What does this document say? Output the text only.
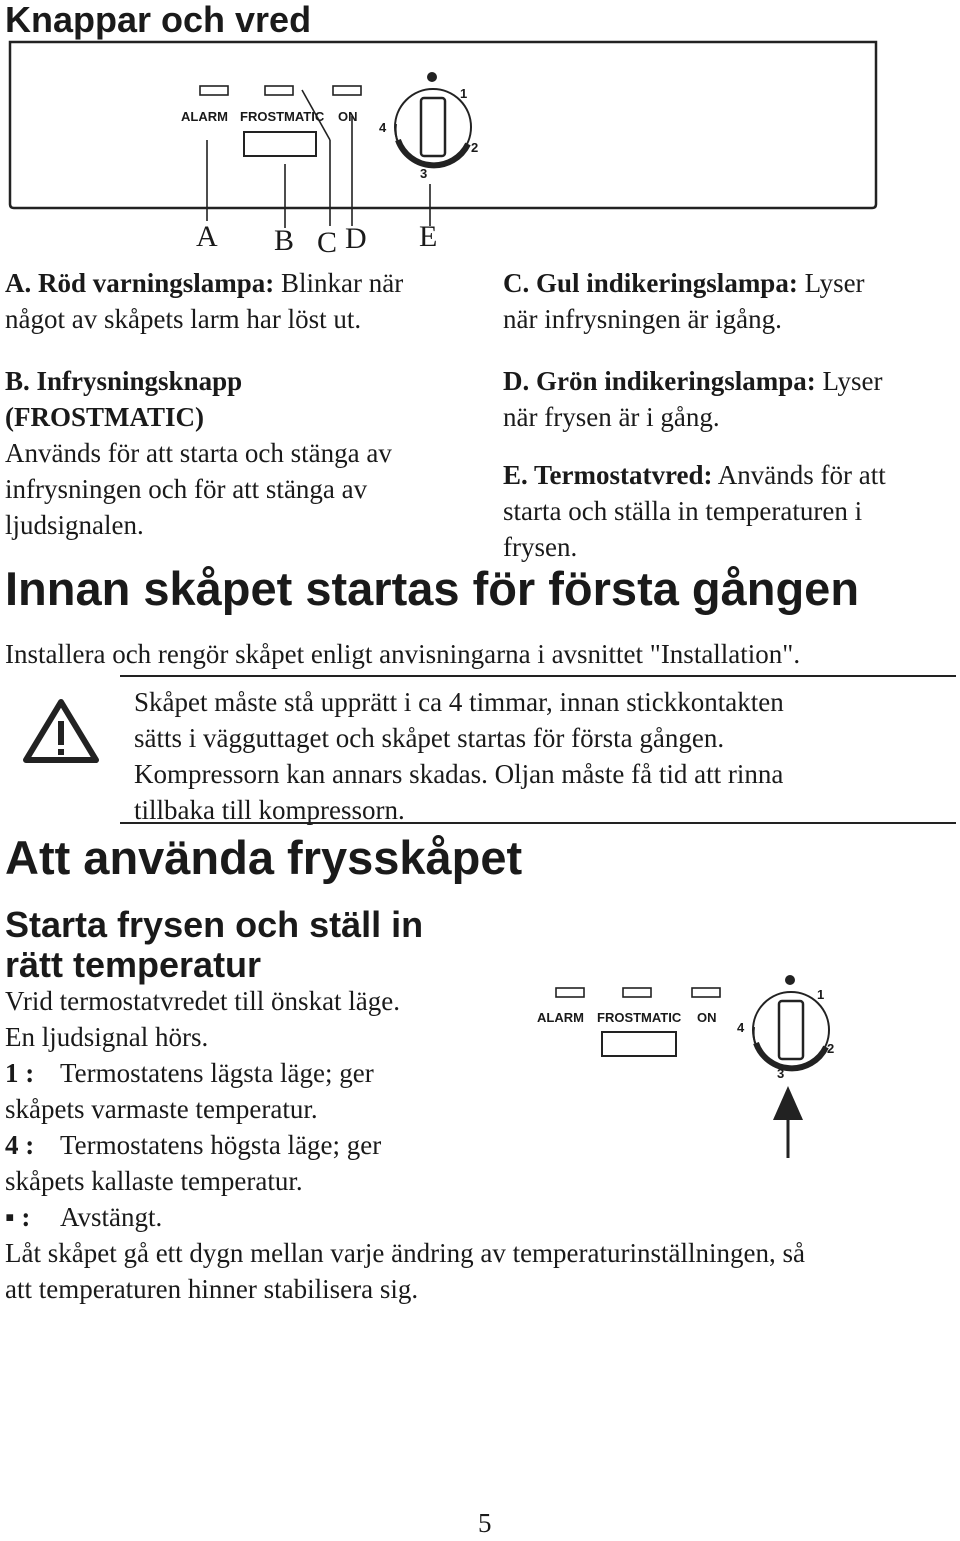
Knappar och vred
ALARM FROSTMATIC ON
1
2
3
4
A B C D E

A. Röd varningslampa: Blinkar när

något av skåpets larm har löst ut.

B. Infrysningsknapp

(FROSTMATIC)

Används för att starta och stänga av

infrysningen och för att stänga av

ljudsignalen.

C. Gul indikeringslampa: Lyser

när infrysningen är igång.

D. Grön indikeringslampa: Lyser

när frysen är i gång.

E. Termostatvred: Används för att

starta och ställa in temperaturen i

frysen.

Innan skåpet startas för första gången
Installera och rengör skåpet enligt anvisningarna i avsnittet "Installation".

Skåpet måste stå upprätt i ca 4 timmar, innan stickkontakten

sätts i vägguttaget och skåpet startas för första gången.

Kompressorn kan annars skadas. Oljan måste få tid att rinna

tillbaka till kompressorn.

Att använda frysskåpet

Starta frysen och ställ in

rätt temperatur

Vrid termostatvredet till önskat läge.

En ljudsignal hörs.

1 : Termostatens lägsta läge; ger

skåpets varmaste temperatur.

4 : Termostatens högsta läge; ger

skåpets kallaste temperatur.

▪ : Avstängt.

Låt skåpet gå ett dygn mellan varje ändring av temperaturinställningen, så

att temperaturen hinner stabilisera sig.

ALARM FROSTMATIC ON
1
2
3
4
5
